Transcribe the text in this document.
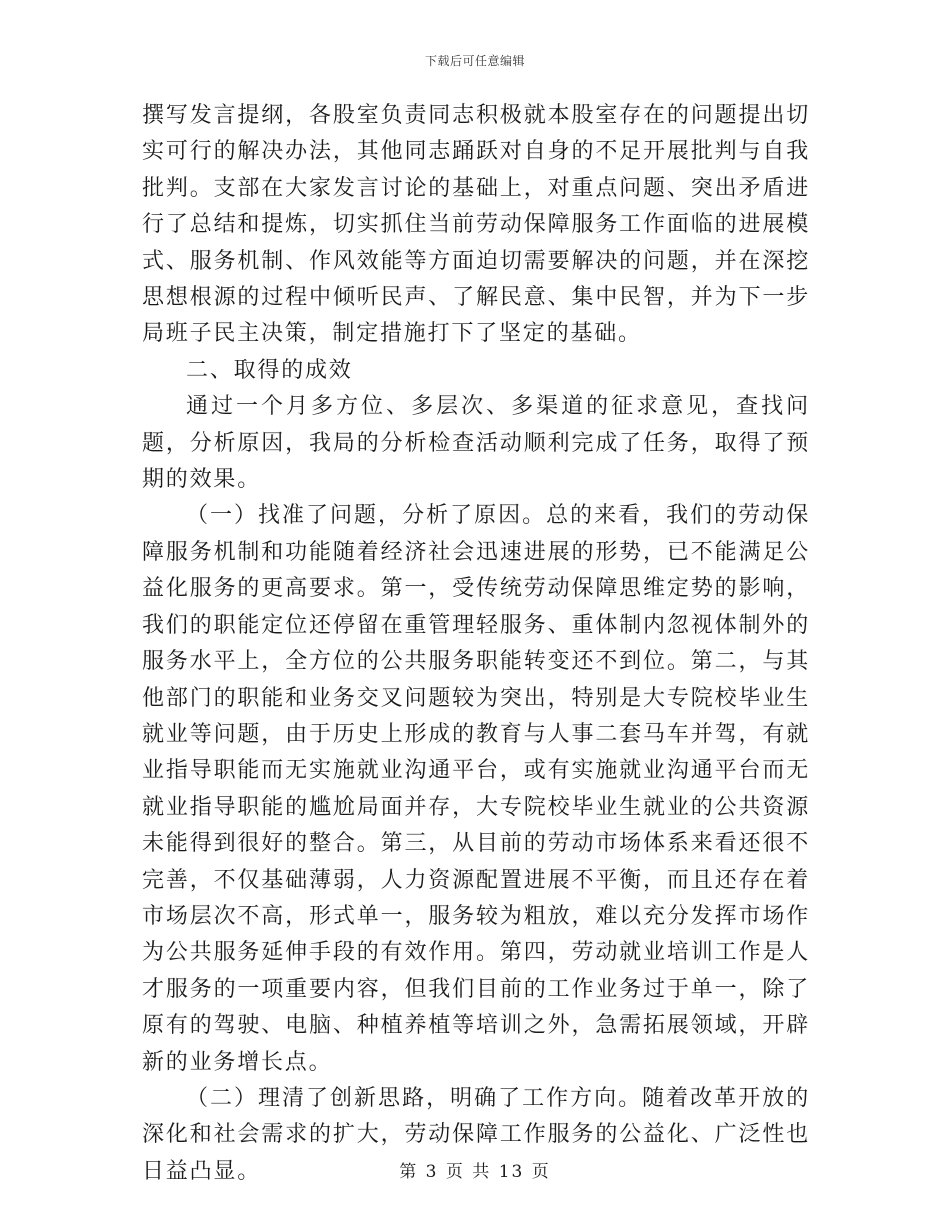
下载后可任意编辑

撰写发言提纲，各股室负责同志积极就本股室存在的问题提出切实可行的解决办法，其他同志踊跃对自身的不足开展批判与自我批判。支部在大家发言讨论的基础上，对重点问题、突出矛盾进行了总结和提炼，切实抓住当前劳动保障服务工作面临的进展模式、服务机制、作风效能等方面迫切需要解决的问题，并在深挖思想根源的过程中倾听民声、了解民意、集中民智，并为下一步局班子民主决策，制定措施打下了坚定的基础。

二、取得的成效

通过一个月多方位、多层次、多渠道的征求意见，查找问题，分析原因，我局的分析检查活动顺利完成了任务，取得了预期的效果。

（一）找准了问题，分析了原因。总的来看，我们的劳动保障服务机制和功能随着经济社会迅速进展的形势，已不能满足公益化服务的更高要求。第一，受传统劳动保障思维定势的影响，我们的职能定位还停留在重管理轻服务、重体制内忽视体制外的服务水平上，全方位的公共服务职能转变还不到位。第二，与其他部门的职能和业务交叉问题较为突出，特别是大专院校毕业生就业等问题，由于历史上形成的教育与人事二套马车并驾，有就业指导职能而无实施就业沟通平台，或有实施就业沟通平台而无就业指导职能的尴尬局面并存，大专院校毕业生就业的公共资源未能得到很好的整合。第三，从目前的劳动市场体系来看还很不完善，不仅基础薄弱，人力资源配置进展不平衡，而且还存在着市场层次不高，形式单一，服务较为粗放，难以充分发挥市场作为公共服务延伸手段的有效作用。第四，劳动就业培训工作是人才服务的一项重要内容，但我们目前的工作业务过于单一，除了原有的驾驶、电脑、种植养植等培训之外，急需拓展领域，开辟新的业务增长点。

（二）理清了创新思路，明确了工作方向。随着改革开放的深化和社会需求的扩大，劳动保障工作服务的公益化、广泛性也日益凸显。	第 3 页 共 13 页
